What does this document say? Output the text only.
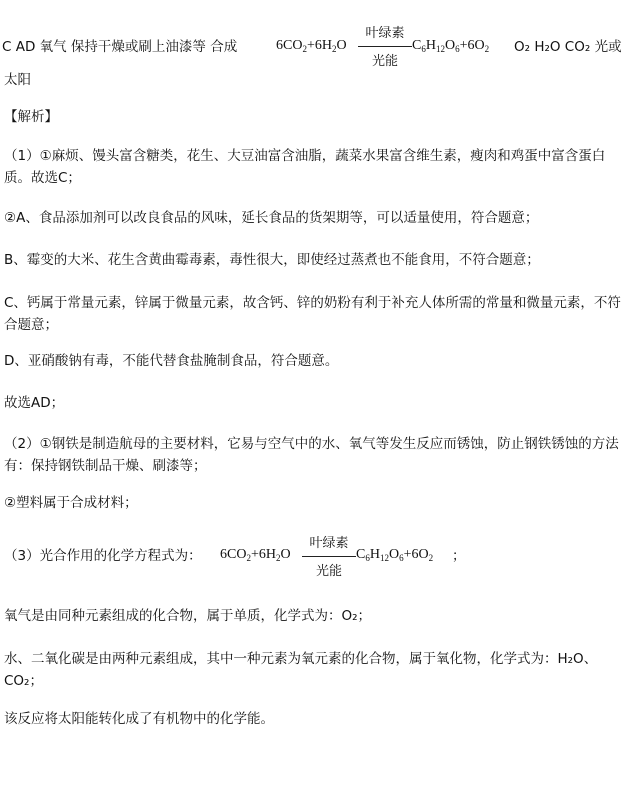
C AD 氧气 保持干燥或刷上油漆等 合成	$6CO_2+6H_2O$
叶绿素
光能
$C_6H_{12}O_6+6O_2$ O₂ H₂O CO₂ 光或
太阳
【解析】
（1）①麻烦、馒头富含糖类，花生、大豆油富含油脂，蔬菜水果富含维生素，瘦肉和鸡蛋中富含蛋白质。故选C；
②A、食品添加剂可以改良食品的风味，延长食品的货架期等，可以适量使用，符合题意；
B、霉变的大米、花生含黄曲霉毒素，毒性很大，即使经过蒸煮也不能食用，不符合题意；
C、钙属于常量元素，锌属于微量元素，故含钙、锌的奶粉有利于补充人体所需的常量和微量元素，不符合题意；
D、亚硝酸钠有毒，不能代替食盐腌制食品，符合题意。
故选AD；
（2）①钢铁是制造航母的主要材料，它易与空气中的水、氧气等发生反应而锈蚀，防止钢铁锈蚀的方法有：保持钢铁制品干燥、刷漆等；
②塑料属于合成材料；
（3）光合作用的化学方程式为：	$6CO_2+6H_2O$
叶绿素
光能
$C_6H_{12}O_6+6O_2$ ；
氧气是由同种元素组成的化合物，属于单质，化学式为：O₂；
水、二氧化碳是由两种元素组成，其中一种元素为氧元素的化合物，属于氧化物，化学式为：H₂O、CO₂；
该反应将太阳能转化成了有机物中的化学能。
